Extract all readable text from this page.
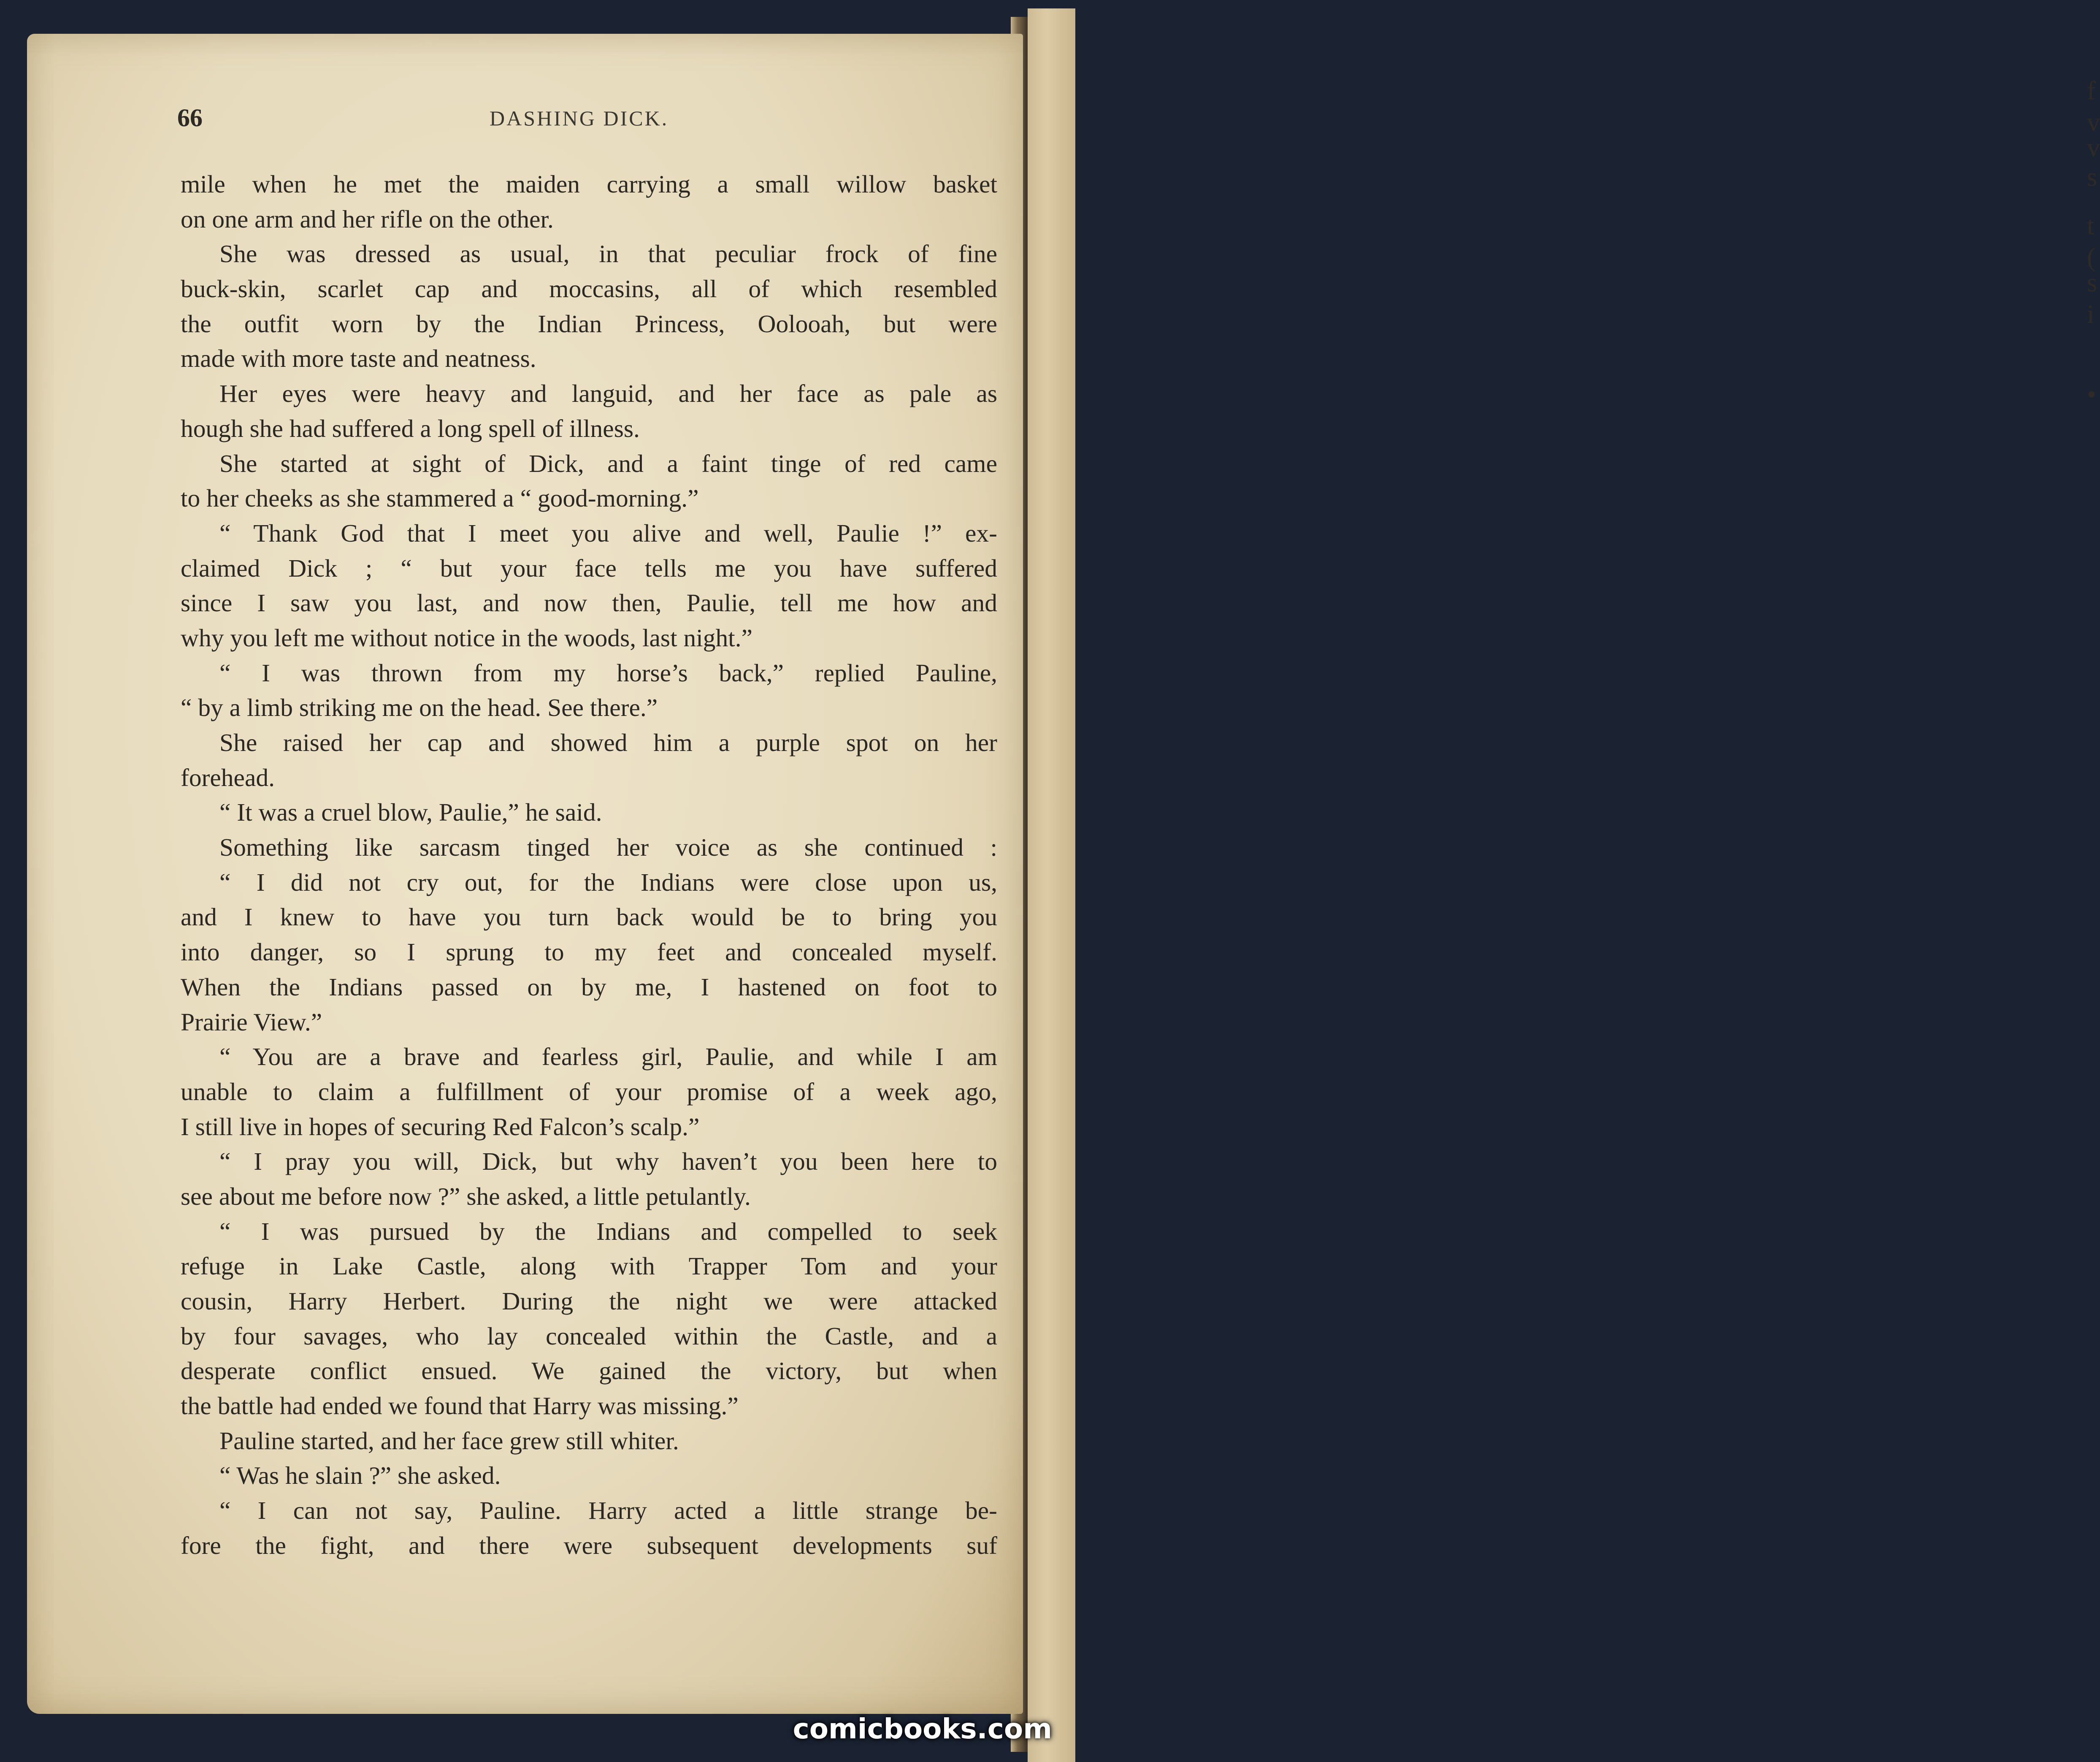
f
v
v
s
t
(
s
i
•
66	DASHING DICK.
mile when he met the maiden carrying a small willow basket
on one arm and her rifle on the other.
She was dressed as usual, in that peculiar frock of fine
buck-skin, scarlet cap and moccasins, all of which resembled
the outfit worn by the Indian Princess, Oolooah, but were
made with more taste and neatness.
Her eyes were heavy and languid, and her face as pale as
hough she had suffered a long spell of illness.
She started at sight of Dick, and a faint tinge of red came
to her cheeks as she stammered a “ good-morning.”
“ Thank God that I meet you alive and well, Paulie !” ex-
claimed Dick ; “ but your face tells me you have suffered
since I saw you last, and now then, Paulie, tell me how and
why you left me without notice in the woods, last night.”
“ I was thrown from my horse’s back,” replied Pauline,
“ by a limb striking me on the head. See there.”
She raised her cap and showed him a purple spot on her
forehead.
“ It was a cruel blow, Paulie,” he said.
Something like sarcasm tinged her voice as she continued :
“ I did not cry out, for the Indians were close upon us,
and I knew to have you turn back would be to bring you
into danger, so I sprung to my feet and concealed myself.
When the Indians passed on by me, I hastened on foot to
Prairie View.”
“ You are a brave and fearless girl, Paulie, and while I am
unable to claim a fulfillment of your promise of a week ago,
I still live in hopes of securing Red Falcon’s scalp.”
“ I pray you will, Dick, but why haven’t you been here to
see about me before now ?” she asked, a little petulantly.
“ I was pursued by the Indians and compelled to seek
refuge in Lake Castle, along with Trapper Tom and your
cousin, Harry Herbert. During the night we were attacked
by four savages, who lay concealed within the Castle, and a
desperate conflict ensued. We gained the victory, but when
the battle had ended we found that Harry was missing.”
Pauline started, and her face grew still whiter.
“ Was he slain ?” she asked.
“ I can not say, Pauline. Harry acted a little strange be-
fore the fight, and there were subsequent developments suf
comicbooks.com
